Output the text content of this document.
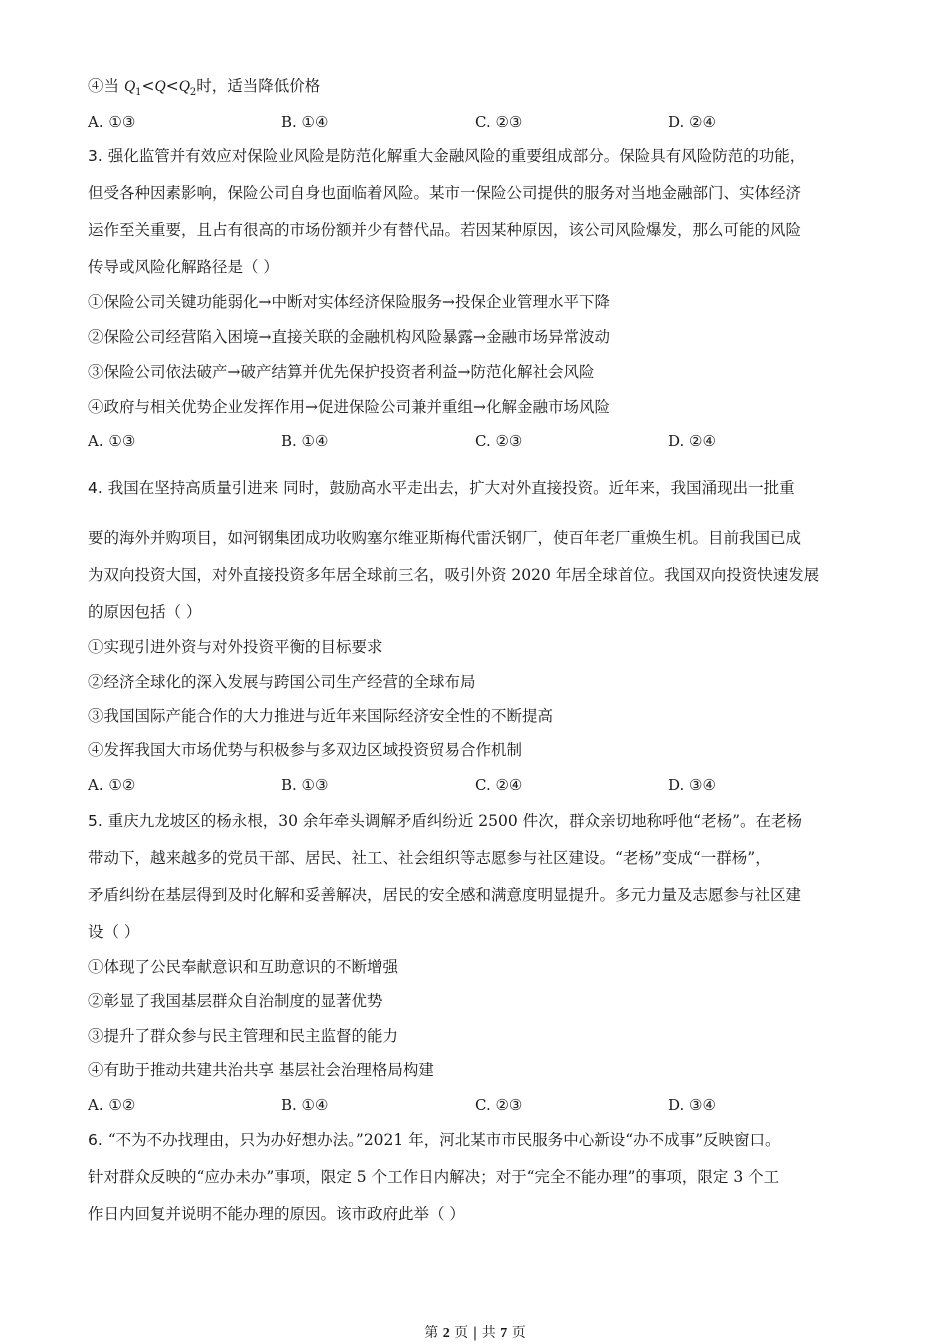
④当 $Q_1<Q<Q_2$时，适当降低价格
A. ①③	B. ①④	C. ②③	D. ②④
3. 强化监管并有效应对保险业风险是防范化解重大金融风险的重要组成部分。保险具有风险防范的功能，
但受各种因素影响，保险公司自身也面临着风险。某市一保险公司提供的服务对当地金融部门、实体经济
运作至关重要，且占有很高的市场份额并少有替代品。若因某种原因，该公司风险爆发，那么可能的风险
传导或风险化解路径是（ ）
①保险公司关键功能弱化→中断对实体经济保险服务→投保企业管理水平下降
②保险公司经营陷入困境→直接关联的金融机构风险暴露→金融市场异常波动
③保险公司依法破产→破产结算并优先保护投资者利益→防范化解社会风险
④政府与相关优势企业发挥作用→促进保险公司兼并重组→化解金融市场风险
A. ①③	B. ①④	C. ②③	D. ②④
4. 我国在坚持高质量引进来 同时，鼓励高水平走出去，扩大对外直接投资。近年来，我国涌现出一批重
要的海外并购项目，如河钢集团成功收购塞尔维亚斯梅代雷沃钢厂，使百年老厂重焕生机。目前我国已成
为双向投资大国，对外直接投资多年居全球前三名，吸引外资 2020 年居全球首位。我国双向投资快速发展
的原因包括（ ）
①实现引进外资与对外投资平衡的目标要求
②经济全球化的深入发展与跨国公司生产经营的全球布局
③我国国际产能合作的大力推进与近年来国际经济安全性的不断提高
④发挥我国大市场优势与积极参与多双边区域投资贸易合作机制
A. ①②	B. ①③	C. ②④	D. ③④
5. 重庆九龙坡区的杨永根，30 余年牵头调解矛盾纠纷近 2500 件次，群众亲切地称呼他“老杨”。在老杨
带动下，越来越多的党员干部、居民、社工、社会组织等志愿参与社区建设。“老杨”变成“一群杨”，
矛盾纠纷在基层得到及时化解和妥善解决，居民的安全感和满意度明显提升。多元力量及志愿参与社区建
设（ ）
①体现了公民奉献意识和互助意识的不断增强
②彰显了我国基层群众自治制度的显著优势
③提升了群众参与民主管理和民主监督的能力
④有助于推动共建共治共享 基层社会治理格局构建
A. ①②	B. ①④	C. ②③	D. ③④
6. “不为不办找理由，只为办好想办法。”2021 年，河北某市市民服务中心新设“办不成事”反映窗口。
针对群众反映的“应办未办”事项，限定 5 个工作日内解决；对于“完全不能办理”的事项，限定 3 个工
作日内回复并说明不能办理的原因。该市政府此举（ ）
第 2 页 | 共 7 页
